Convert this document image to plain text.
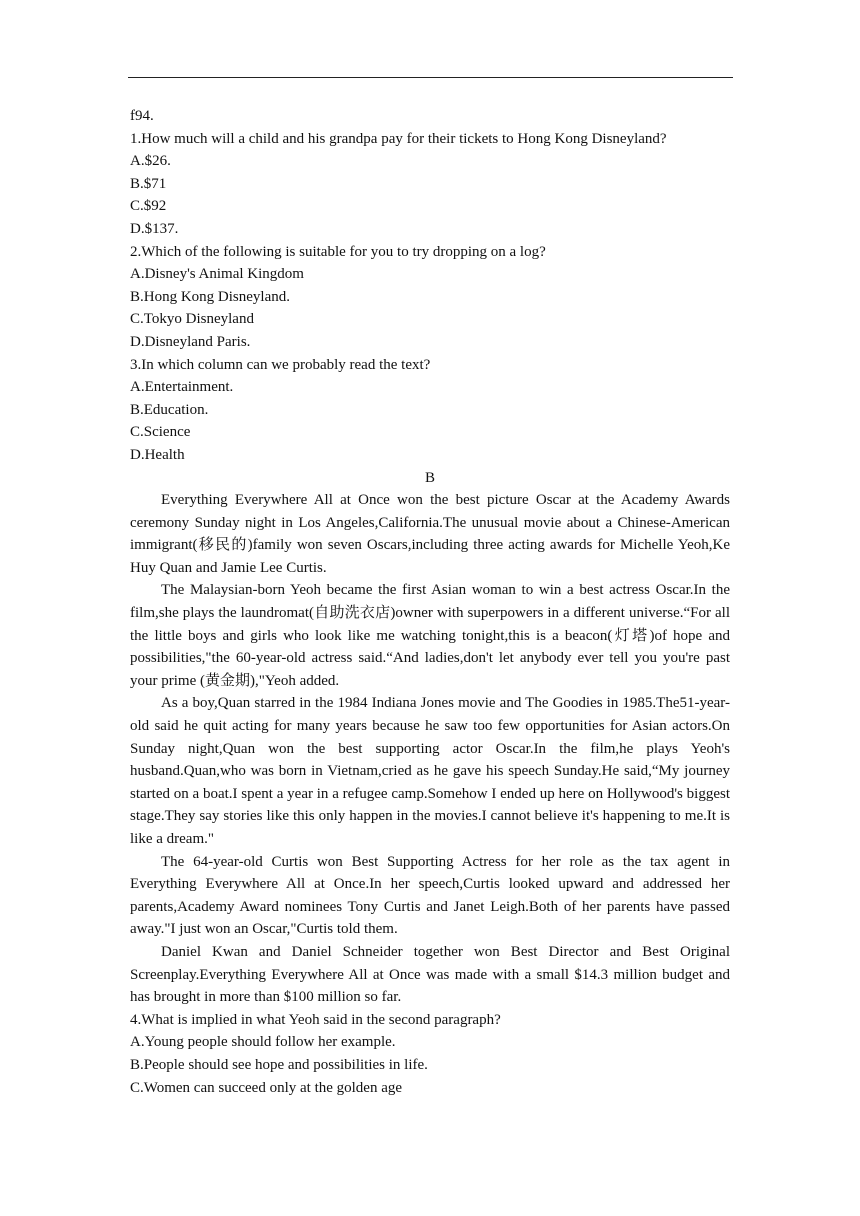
f94.

1.How much will a child and his grandpa pay for their tickets to Hong Kong Disneyland?

A.$26.

B.$71

C.$92

D.$137.

2.Which of the following is suitable for you to try dropping on a log?

A.Disney's Animal Kingdom

B.Hong Kong Disneyland.

C.Tokyo Disneyland

D.Disneyland Paris.

3.In which column can we probably read the text?

A.Entertainment.

B.Education.

C.Science

D.Health

B

Everything Everywhere All at Once won the best picture Oscar at the Academy Awards ceremony Sunday night in Los Angeles,California.The unusual movie about a Chinese-American immigrant(移民的)family won seven Oscars,including three acting awards for Michelle Yeoh,Ke Huy Quan and Jamie Lee Curtis.

The Malaysian-born Yeoh became the first Asian woman to win a best actress Oscar.In the film,she plays the laundromat(自助洗衣店)owner with superpowers in a different universe.“For all the little boys and girls who look like me watching tonight,this is a beacon(灯塔)of hope and possibilities,"the 60-year-old actress said.“And ladies,don't let anybody ever tell you you're past your prime (黄金期),"Yeoh added.

As a boy,Quan starred in the 1984 Indiana Jones movie and The Goodies in 1985.The51-year-old said he quit acting for many years because he saw too few opportunities for Asian actors.On Sunday night,Quan won the best supporting actor Oscar.In the film,he plays Yeoh's husband.Quan,who was born in Vietnam,cried as he gave his speech Sunday.He said,“My journey started on a boat.I spent a year in a refugee camp.Somehow I ended up here on Hollywood's biggest stage.They say stories like this only happen in the movies.I cannot believe it's happening to me.It is like a dream."

The 64-year-old Curtis won Best Supporting Actress for her role as the tax agent in Everything Everywhere All at Once.In her speech,Curtis looked upward and addressed her parents,Academy Award nominees Tony Curtis and Janet Leigh.Both of her parents have passed away."I just won an Oscar,"Curtis told them.

Daniel Kwan and Daniel Schneider together won Best Director and Best Original Screenplay.Everything Everywhere All at Once was made with a small $14.3 million budget and has brought in more than $100 million so far.

4.What is implied in what Yeoh said in the second paragraph?

A.Young people should follow her example.

B.People should see hope and possibilities in life.

C.Women can succeed only at the golden age
